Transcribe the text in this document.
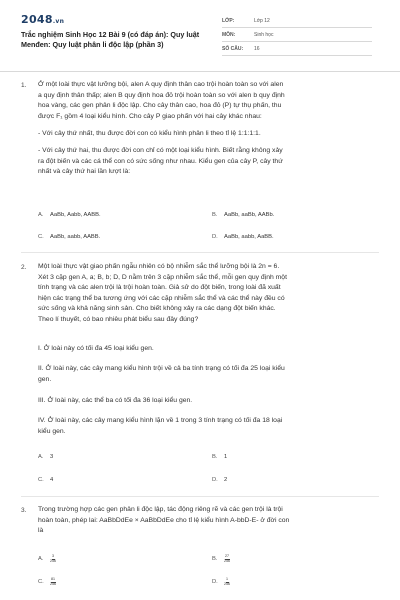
2048.vn
Trắc nghiệm Sinh Học 12 Bài 9 (có đáp án): Quy luật
Menđen: Quy luật phân li độc lập (phần 3)
LỚP:	Lớp 12
MÔN:	Sinh học
SỐ CÂU:	16
1. Ở một loài thực vật lưỡng bội, alen A quy định thân cao trội hoàn toàn so với alen
a quy định thân thấp; alen B quy định hoa đỏ trội hoàn toàn so với alen b quy định
hoa vàng, các gen phân li độc lập. Cho cây thân cao, hoa đỏ (P) tự thụ phấn, thu
được F₁ gồm 4 loại kiểu hình. Cho cây P giao phấn với hai cây khác nhau:
- Với cây thứ nhất, thu được đời con có kiểu hình phân li theo tỉ lệ 1:1:1:1.
- Với cây thứ hai, thu được đời con chỉ có một loại kiểu hình. Biết rằng không xảy
ra đột biến và các cá thể con có sức sống như nhau. Kiểu gen của cây P, cây thứ
nhất và cây thứ hai lần lượt là:
A.	AaBb, Aabb, AABB.	B.	AaBb, aaBb, AABb.
C.	AaBb, aabb, AABB.	D.	AaBb, aabb, AaBB.
2. Một loài thực vật giao phấn ngẫu nhiên có bộ nhiễm sắc thể lưỡng bội là 2n = 6.
Xét 3 cặp gen A, a; B, b; D, D nằm trên 3 cặp nhiễm sắc thể, mỗi gen quy định một
tính trạng và các alen trội là trội hoàn toàn. Giả sử do đột biến, trong loài đã xuất
hiện các trạng thể ba tương ứng với các cặp nhiễm sắc thể và các thể này đều có
sức sống và khả năng sinh sản. Cho biết không xảy ra các dạng đột biến khác.
Theo lí thuyết, có bao nhiêu phát biểu sau đây đúng?
I. Ở loài này có tối đa 45 loại kiểu gen.
II. Ở loài này, các cây mang kiểu hình trội về cả ba tính trạng có tối đa 25 loại kiểu
gen.
III. Ở loài này, các thể ba có tối đa 36 loại kiểu gen.
IV. Ở loài này, các cây mang kiểu hình lặn về 1 trong 3 tính trạng có tối đa 18 loại
kiểu gen.
A.	3	B.	1
C.	4	D.	2
3. Trong trường hợp các gen phân li độc lập, tác động riêng rẽ và các gen trội là trội
hoàn toàn, phép lai: AaBbDdEe × AaBbDdEe cho tỉ lệ kiểu hình A-bbD-E- ở đời con
là
A.	$\frac{3}{256}$	B.	$\frac{27}{256}$
C.	$\frac{81}{256}$	D.	$\frac{1}{256}$
